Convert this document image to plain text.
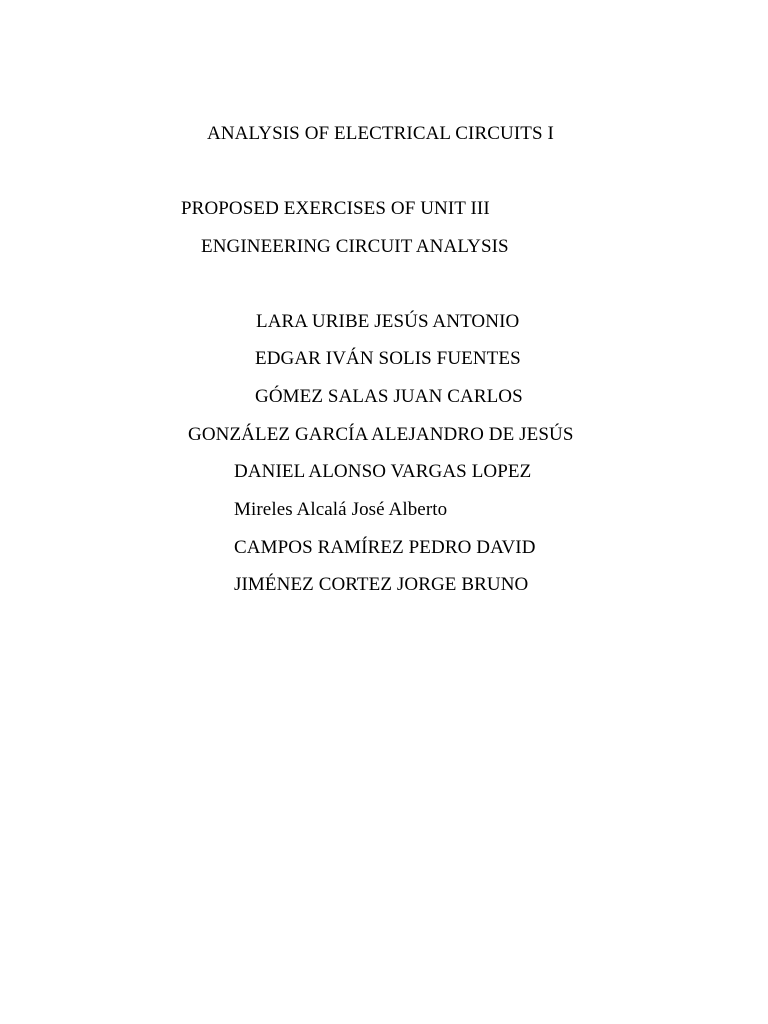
ANALYSIS OF ELECTRICAL CIRCUITS I
PROPOSED EXERCISES OF UNIT III
ENGINEERING CIRCUIT ANALYSIS
LARA URIBE JESÚS ANTONIO
EDGAR IVÁN SOLIS FUENTES
GÓMEZ SALAS JUAN CARLOS
GONZÁLEZ GARCÍA ALEJANDRO DE JESÚS
DANIEL ALONSO VARGAS LOPEZ
Mireles Alcalá José Alberto
CAMPOS RAMÍREZ PEDRO DAVID
JIMÉNEZ CORTEZ JORGE BRUNO
